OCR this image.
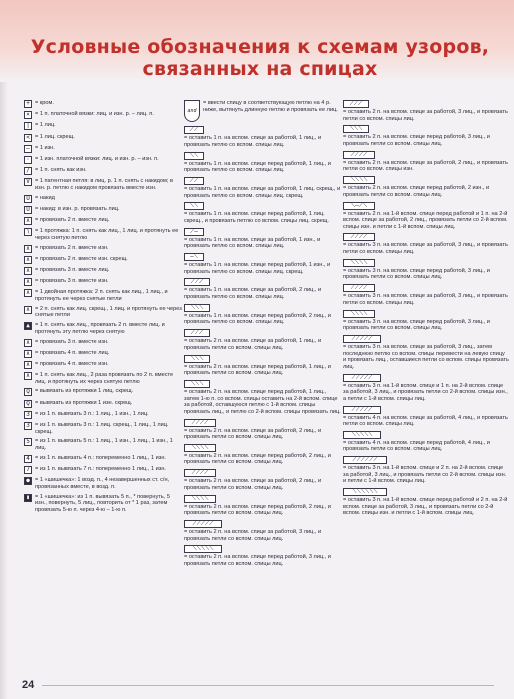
Условные обозначения к схемам узоров, связанных на спицах
+ = кром.
× = 1 п. платочной вязки: лиц. и изн. р. – лиц. п.
| = 1 лиц.
< = 1 лиц. скрещ.
– = 1 изн.
· = 1 изн. платочной вязки: лиц. и изн. р. – изн. п.
∕ = 1 п. снять как изн.
V = 1 патентная петля: в лиц. р. 1 п. снять с накидом; в изн. р. петлю с накидом провязать вместе изн.
U = накид
U = накид: в изн. р. провязать лиц.
∧ = провязать 2 п. вместе лиц.
∖ = 1 протяжка: 1 п. снять как лиц., 1 лиц. и протянуть ее через снятую петлю
∧ = провязать 2 п. вместе изн.
∧ = провязать 2 п. вместе изн. скрещ.
∧ = провязать 3 п. вместе лиц.
∧ = провязать 3 п. вместе изн.
∧ = 1 двойная протяжка: 2 п. снять как лиц., 1 лиц., и протянуть ее через снятые петли
∧ = 2 п. снять как лиц. скрещ., 1 лиц. и протянуть ее через снятые петли
▲ = 1 п. снять как лиц., провязать 2 п. вместе лиц. и протянуть эту петлю через снятую
∧ = провязать 3 п. вместе изн.
∧ = провязать 4 п. вместе лиц.
∧ = провязать 4 п. вместе изн.
∧ = 1 п. снять как лиц., 2 раза провязать по 2 п. вместе лиц. и протянуть их через снятую петлю
Q = вывязать из протяжки 1 лиц. скрещ.
Q = вывязать из протяжки 1 изн. скрещ.
3 = из 1 п. вывязать 3 п.: 1 лиц., 1 изн., 1 лиц.
3 = из 1 п. вывязать 3 п.: 1 лиц. скрещ., 1 лиц., 1 лиц. скрещ.
5 = из 1 п. вывязать 5 п.: 1 лиц., 1 изн., 1 лиц., 1 изн., 1 лиц.
4 = из 1 п. вывязать 4 п.: попеременно 1 лиц., 1 изн.
7 = из 1 п. вывязать 7 п.: попеременно 1 лиц., 1 изн.
● = 1 «шишечка»: 1 возд. п., 4 незавершенных ст. с/н, провязанных вместе, в возд. п.
▮ = 1 «шишечка»: из 1 п. вывязать 5 п., * повернуть, 5 изн., повернуть, 5 лиц., повторить от * 1 раз, затем провязать 5-ю п. через 4-ю – 1-ю п.
and
= ввести спицу в соответствующую петлю на 4 р. ниже, вытянуть длинную петлю и провязать ее лиц.
⟋⟋
= оставить 1 п. на вспом. спице за работой, 1 лиц., и провязать петлю со вспом. спицы лиц.
⟍⟍
= оставить 1 п. на вспом. спице перед работой, 1 лиц., и провязать петлю со вспом. спицы лиц.
⟋⟋
= оставить 1 п. на вспом. спице за работой, 1 лиц. скрещ., и провязать петлю со вспом. спицы лиц. скрещ.
⟍⟍
= оставить 1 п. на вспом. спице перед работой, 1 лиц. скрещ., и провязать петлю со вспом. спицы лиц. скрещ.
⟋–
= оставить 1 п. на вспом. спице за работой, 1 изн., и провязать петлю со вспом. спицы лиц.
–⟍
= оставить 1 п. на вспом. спице перед работой, 1 изн., и провязать петлю со вспом. спицы лиц. скрещ.
⟋⟋⟋
= оставить 1 п. на вспом. спице за работой, 2 лиц., и провязать петлю со вспом. спицы лиц.
⟍⟍⟍
= оставить 1 п. на вспом. спице перед работой, 2 лиц., и провязать петлю со вспом. спицы лиц.
⟋⟋⟋
= оставить 2 п. на вспом. спице за работой, 1 лиц., и провязать петли со вспом. спицы лиц.
⟍⟍⟍
= оставить 2 п. на вспом. спице перед работой, 1 лиц., и провязать петли со вспом. спицы лиц.
⟍⟍⟍
= оставить 2 п. на вспом. спице перед работой, 1 лиц., затем 1-ю п. со вспом. спицы оставить на 2-й вспом. спице за работой, оставшуюся петлю с 1-й вспом. спицы провязать лиц., и петлю со 2-й вспом. спицы провязать лиц.
⟋⟋⟋⟋
= оставить 2 п. на вспом. спице за работой, 2 лиц., и провязать петли со вспом. спицы лиц.
⟍⟍⟍⟍
= оставить 2 п. на вспом. спице перед работой, 2 лиц., и провязать петли со вспом. спицы лиц.
⟋⟋⟋⟋
= оставить 2 п. на вспом. спице за работой, 2 лиц., и провязать петли со вспом. спицы лиц.
⟍⟍⟍⟍
= оставить 2 п. на вспом. спице перед работой, 2 лиц., и провязать петли со вспом. спицы лиц.
⟋⟋⟋⟋⟋
= оставить 2 п. на вспом. спице за работой, 3 лиц., и провязать петли со вспом. спицы лиц.
⟍⟍⟍⟍⟍
= оставить 2 п. на вспом. спице перед работой, 3 лиц., и провязать петли со вспом. спицы лиц.
⟋⟋⟋
= оставить 2 п. на вспом. спице за работой, 3 лиц., и провязать петли со вспом. спицы лиц.
⟍⟍⟍
= оставить 2 п. на вспом. спице перед работой, 3 лиц., и провязать петли со вспом. спицы лиц.
⟋⟋⟋⟋
= оставить 2 п. на вспом. спице за работой, 2 лиц., и провязать петли со вспом. спицы изн.
⟍⟍⟍⟍
= оставить 2 п. на вспом. спице перед работой, 2 изн., и провязать петли со вспом. спицы лиц.
⟍–⟋⟍
= оставить 2 п. на 1-й вспом. спице перед работой и 1 п. на 2-й вспом. спице за работой, 2 лиц., провязать петли со 2-й вспом. спицы изн. и петли с 1-й вспом. спицы лиц.
⟋⟋⟋⟋
= оставить 3 п. на вспом. спице за работой, 3 лиц., и провязать петли со вспом. спицы лиц.
⟍⟍⟍⟍
= оставить 3 п. на вспом. спице перед работой, 3 лиц., и провязать петли со вспом. спицы лиц.
⟋⟋⟋⟋
= оставить 3 п. на вспом. спице за работой, 3 лиц., и провязать петли со вспом. спицы лиц.
⟍⟍⟍⟍
= оставить 3 п. на вспом. спице перед работой, 3 лиц., и провязать петли со вспом. спицы лиц.
⟋⟋⟋⟋⟋
= оставить 3 п. на вспом. спице за работой, 3 лиц., затем последнюю петлю со вспом. спицы перевести на левую спицу и провязать лиц., оставшиеся петли со вспом. спицы провязать лиц.
⟋⟋⟋⟋⟋
= оставить 3 п. на 1-й вспом. спице и 1 п. на 2-й вспом. спице за работой, 3 лиц., и провязать петли со 2-й вспом. спицы изн., а петли с 1-й вспом. спицы лиц.
⟋⟋⟋⟋⟋
= оставить 4 п. на вспом. спице за работой, 4 лиц., и провязать петли со вспом. спицы лиц.
⟍⟍⟍⟍⟍
= оставить 4 п. на вспом. спице перед работой, 4 лиц., и провязать петли со вспом. спицы лиц.
⟋⟋⟋⟋⟋⟋
= оставить 3 п. на 1-й вспом. спице и 2 п. на 2-й вспом. спице за работой, 3 лиц., и провязать петли со 2-й вспом. спицы изн. и петли с 1-й вспом. спицы лиц.
⟍⟍⟍⟍⟍⟍
= оставить 3 п. на 1-й вспом. спице перед работой и 2 п. на 2-й вспом. спице за работой, 3 лиц., и провязать петли со 2-й вспом. спицы изн. и петли с 1-й вспом. спицы лиц.
24
